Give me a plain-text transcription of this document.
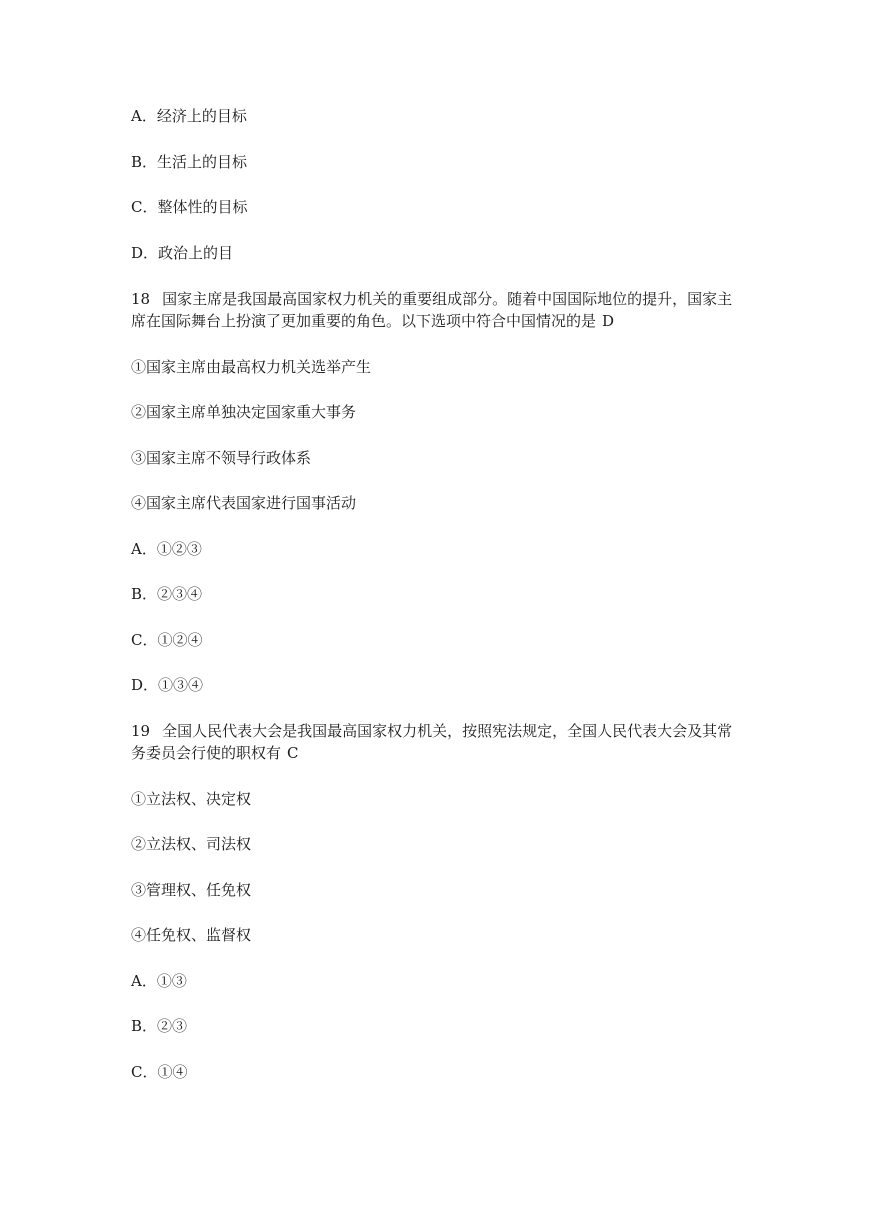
A．经济上的目标
B．生活上的目标
C．整体性的目标
D．政治上的目
18 国家主席是我国最高国家权力机关的重要组成部分。随着中国国际地位的提升，国家主
席在国际舞台上扮演了更加重要的角色。以下选项中符合中国情况的是 D
①国家主席由最高权力机关选举产生
②国家主席单独决定国家重大事务
③国家主席不领导行政体系
④国家主席代表国家进行国事活动
A．①②③
B．②③④
C．①②④
D．①③④
19 全国人民代表大会是我国最高国家权力机关，按照宪法规定，全国人民代表大会及其常
务委员会行使的职权有 C
①立法权、决定权
②立法权、司法权
③管理权、任免权
④任免权、监督权
A．①③
B．②③
C．①④
